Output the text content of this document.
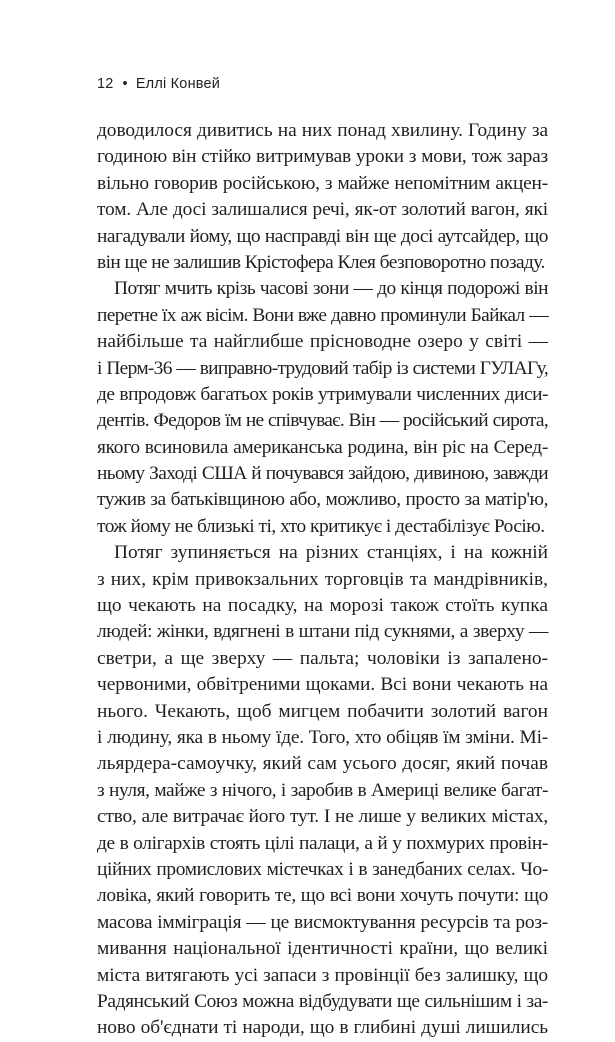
12 • Еллі Конвей
доводилося дивитись на них понад хвилину. Годину за
годиною він стійко витримував уроки з мови, тож зараз
вільно говорив російською, з майже непомітним акцен-
том. Але досі залишалися речі, як-от золотий вагон, які
нагадували йому, що насправді він ще досі аутсайдер, що
він ще не залишив Крістофера Клея безповоротно позаду.
Потяг мчить крізь часові зони — до кінця подорожі він
перетне їх аж вісім. Вони вже давно проминули Байкал —
найбільше та найглибше прісноводне озеро у світі —
і Перм-36 — виправно-трудовий табір із системи ГУЛАГу,
де впродовж багатьох років утримували численних диси-
дентів. Федоров їм не співчуває. Він — російський сирота,
якого всиновила американська родина, він ріс на Серед-
ньому Заході США й почувався зайдою, дивиною, завжди
тужив за батьківщиною або, можливо, просто за матір'ю,
тож йому не близькі ті, хто критикує і дестабілізує Росію.
Потяг зупиняється на різних станціях, і на кожній
з них, крім привокзальних торговців та мандрівників,
що чекають на посадку, на морозі також стоїть купка
людей: жінки, вдягнені в штани під сукнями, а зверху —
светри, а ще зверху — пальта; чоловіки із запалено-
червоними, обвітреними щоками. Всі вони чекають на
нього. Чекають, щоб мигцем побачити золотий вагон
і людину, яка в ньому їде. Того, хто обіцяв їм зміни. Мі-
льярдера-самоучку, який сам усього досяг, який почав
з нуля, майже з нічого, і заробив в Америці велике багат-
ство, але витрачає його тут. І не лише у великих містах,
де в олігархів стоять цілі палаци, а й у похмурих провін-
ційних промислових містечках і в занедбаних селах. Чо-
ловіка, який говорить те, що всі вони хочуть почути: що
масова імміграція — це висмоктування ресурсів та роз-
мивання національної ідентичності країни, що великі
міста витягають усі запаси з провінції без залишку, що
Радянський Союз можна відбудувати ще сильнішим і за-
ново об'єднати ті народи, що в глибині душі лишились
